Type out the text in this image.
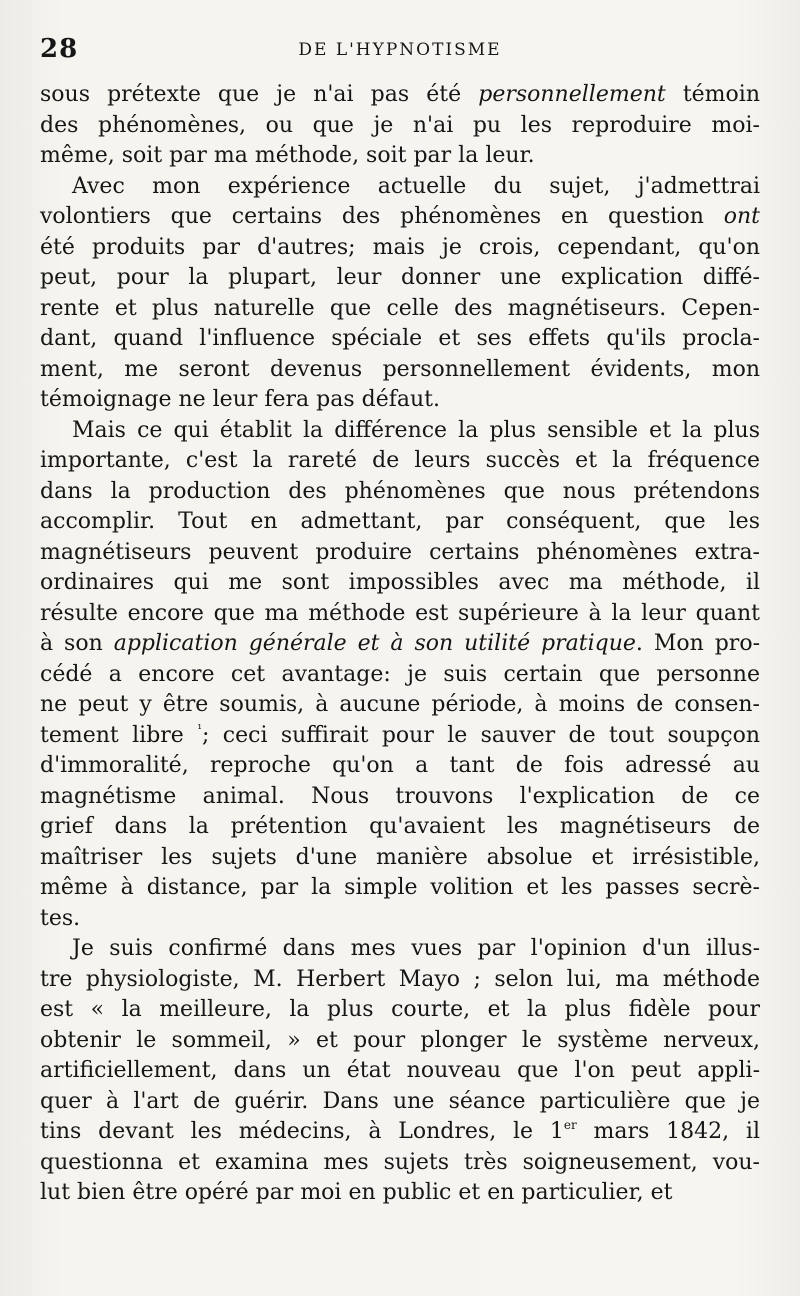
28	DE L'HYPNOTISME
sous prétexte que je n'ai pas été personnellement témoin
des phénomènes, ou que je n'ai pu les reproduire moi-
même, soit par ma méthode, soit par la leur.
Avec mon expérience actuelle du sujet, j'admettrai
volontiers que certains des phénomènes en question ont
été produits par d'autres; mais je crois, cependant, qu'on
peut, pour la plupart, leur donner une explication diffé-
rente et plus naturelle que celle des magnétiseurs. Cepen-
dant, quand l'influence spéciale et ses effets qu'ils procla-
ment, me seront devenus personnellement évidents, mon
témoignage ne leur fera pas défaut.
Mais ce qui établit la différence la plus sensible et la plus
importante, c'est la rareté de leurs succès et la fréquence
dans la production des phénomènes que nous prétendons
accomplir. Tout en admettant, par conséquent, que les
magnétiseurs peuvent produire certains phénomènes extra-
ordinaires qui me sont impossibles avec ma méthode, il
résulte encore que ma méthode est supérieure à la leur quant
à son application générale et à son utilité pratique. Mon pro-
cédé a encore cet avantage: je suis certain que personne
ne peut y être soumis, à aucune période, à moins de consen-
tement libre $^{^1}$; ceci suffirait pour le sauver de tout soupçon
d'immoralité, reproche qu'on a tant de fois adressé au
magnétisme animal. Nous trouvons l'explication de ce
grief dans la prétention qu'avaient les magnétiseurs de
maîtriser les sujets d'une manière absolue et irrésistible,
même à distance, par la simple volition et les passes secrè-
tes.
Je suis confirmé dans mes vues par l'opinion d'un illus-
tre physiologiste, M. Herbert Mayo ; selon lui, ma méthode
est « la meilleure, la plus courte, et la plus fidèle pour
obtenir le sommeil, » et pour plonger le système nerveux,
artificiellement, dans un état nouveau que l'on peut appli-
quer à l'art de guérir. Dans une séance particulière que je
tins devant les médecins, à Londres, le 1er mars 1842, il
questionna et examina mes sujets très soigneusement, vou-
lut bien être opéré par moi en public et en particulier, et
